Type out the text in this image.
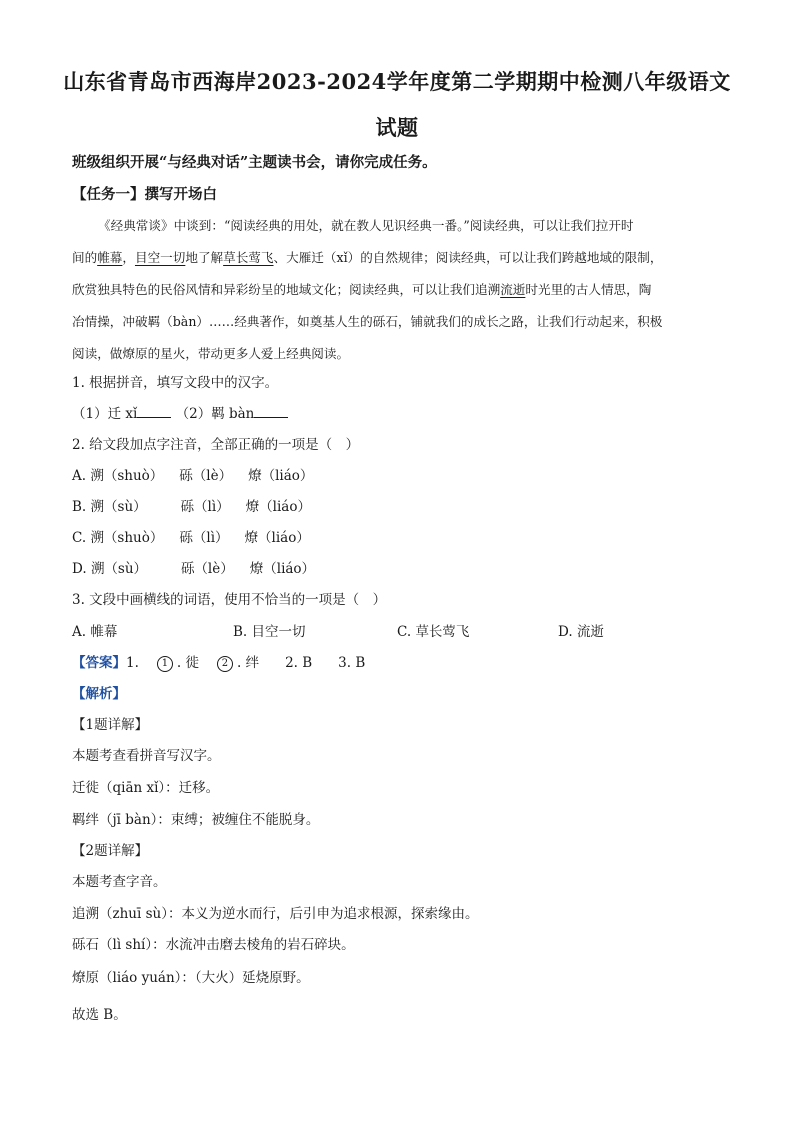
山东省青岛市西海岸2023-2024学年度第二学期期中检测八年级语文
试题
班级组织开展“与经典对话”主题读书会，请你完成任务。
【任务一】撰写开场白
《经典常谈》中谈到：“阅读经典的用处，就在教人见识经典一番。”阅读经典，可以让我们拉开时
间的帷幕，目空一切地了解草长莺飞、大雁迁（xǐ）的自然规律；阅读经典，可以让我们跨越地域的限制，
欣赏独具特色的民俗风情和异彩纷呈的地域文化；阅读经典，可以让我们追溯流逝时光里的古人情思，陶
冶情操，冲破羁（bàn）……经典著作，如奠基人生的砾石，铺就我们的成长之路，让我们行动起来，积极
阅读，做燎原的星火，带动更多人爱上经典阅读。
1. 根据拼音，填写文段中的汉字。
（1）迁 xǐ	（2）羁 bàn
2. 给文段加点字注音，全部正确的一项是（　）
A. 溯（shuò） 砾（lè） 燎（liáo）
B. 溯（sù）	砾（lì） 燎（liáo）
C. 溯（shuò） 砾（lì） 燎（liáo）
D. 溯（sù）	砾（lè） 燎（liáo）
3. 文段中画横线的词语，使用不恰当的一项是（　）
A. 帷幕	B. 目空一切	C. 草长莺飞	D. 流逝
【答案】1. 1 . 徙 2 . 绊 2. B 3. B
【解析】
【1题详解】
本题考查看拼音写汉字。
迁徙（qiān xǐ）：迁移。
羁绊（jī bàn）：束缚；被缠住不能脱身。
【2题详解】
本题考查字音。
追溯（zhuī sù）：本义为逆水而行，后引申为追求根源，探索缘由。
砾石（lì shí）：水流冲击磨去棱角的岩石碎块。
燎原（liáo yuán）：（大火）延烧原野。
故选 B。
